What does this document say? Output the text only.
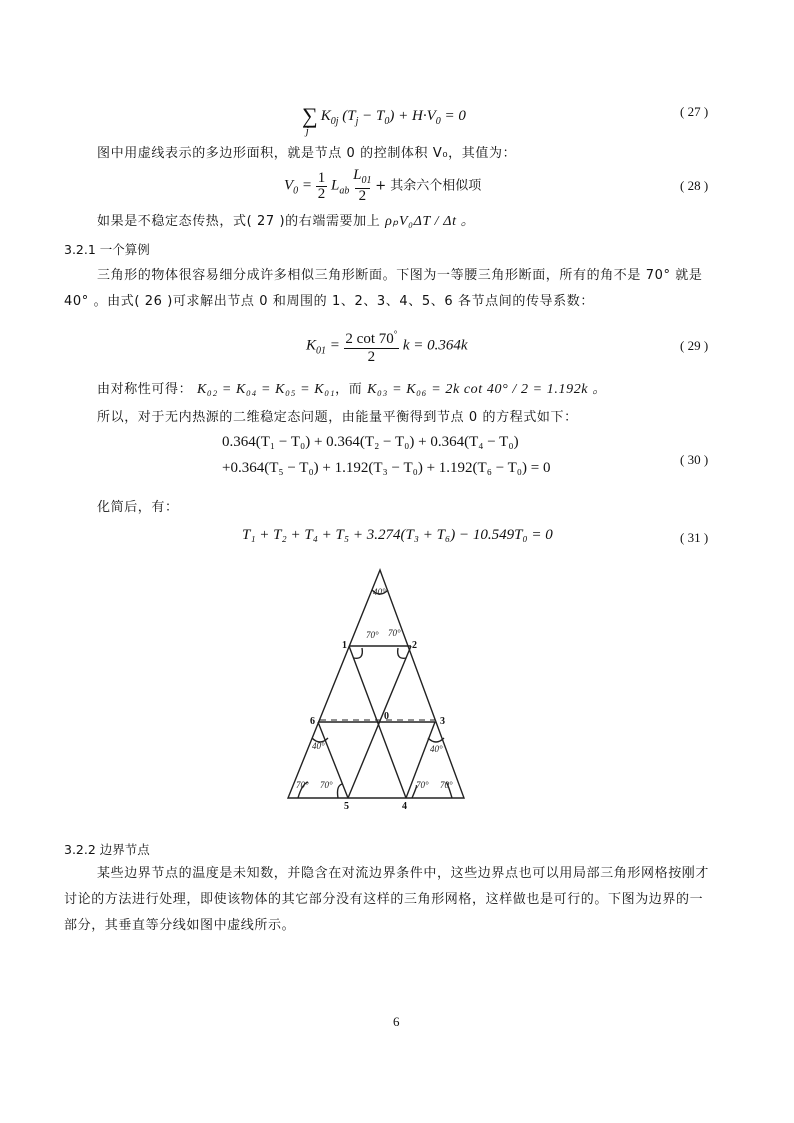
$\sum_jK_{0j}$ $(T_j - T_0) + H\cdot V_0 = 0$	( 27 )
图中用虚线表示的多边形面积，就是节点 0 的控制体积 V₀，其值为：
$V_0 = 1$
2 $L_{ab}$ $L_{01}$
2 + 其余六个相似项	( 28 )
如果是不稳定态传热，式( 27 )的右端需要加上 ρₚV₀ΔT / Δt 。
3.2.1 一个算例
三角形的物体很容易细分成许多相似三角形断面。下图为一等腰三角形断面，所有的角不是 70° 就是
40° 。由式( 26 )可求解出节点 0 和周围的 1、2、3、4、5、6 各节点间的传导系数：
$K_{01} = 2$ cot 70°
2 k = 0.364k	( 29 )
由对称性可得： K₀₂ = K₀₄ = K₀₅ = K₀₁，而 K₀₃ = K₀₆ = 2k cot 40° / 2 = 1.192k 。
所以，对于无内热源的二维稳定态问题，由能量平衡得到节点 0 的方程式如下：
0.364(T₁ − T₀) + 0.364(T₂ − T₀) + 0.364(T₄ − T₀)
+0.364(T₅ − T₀) + 1.192(T₃ − T₀) + 1.192(T₆ − T₀) = 0
( 30 )
化简后，有：
T₁ + T₂ + T₄ + T₅ + 3.274(T₃ + T₆) − 10.549T₀ = 0	( 31 )
40°
70° 70°
40°	40°
70° 70°	70° 70°
0
1	2
3
4
5
6
3.2.2 边界节点
某些边界节点的温度是未知数，并隐含在对流边界条件中，这些边界点也可以用局部三角形网格按刚才
讨论的方法进行处理，即使该物体的其它部分没有这样的三角形网格，这样做也是可行的。下图为边界的一
部分，其垂直等分线如图中虚线所示。
6
